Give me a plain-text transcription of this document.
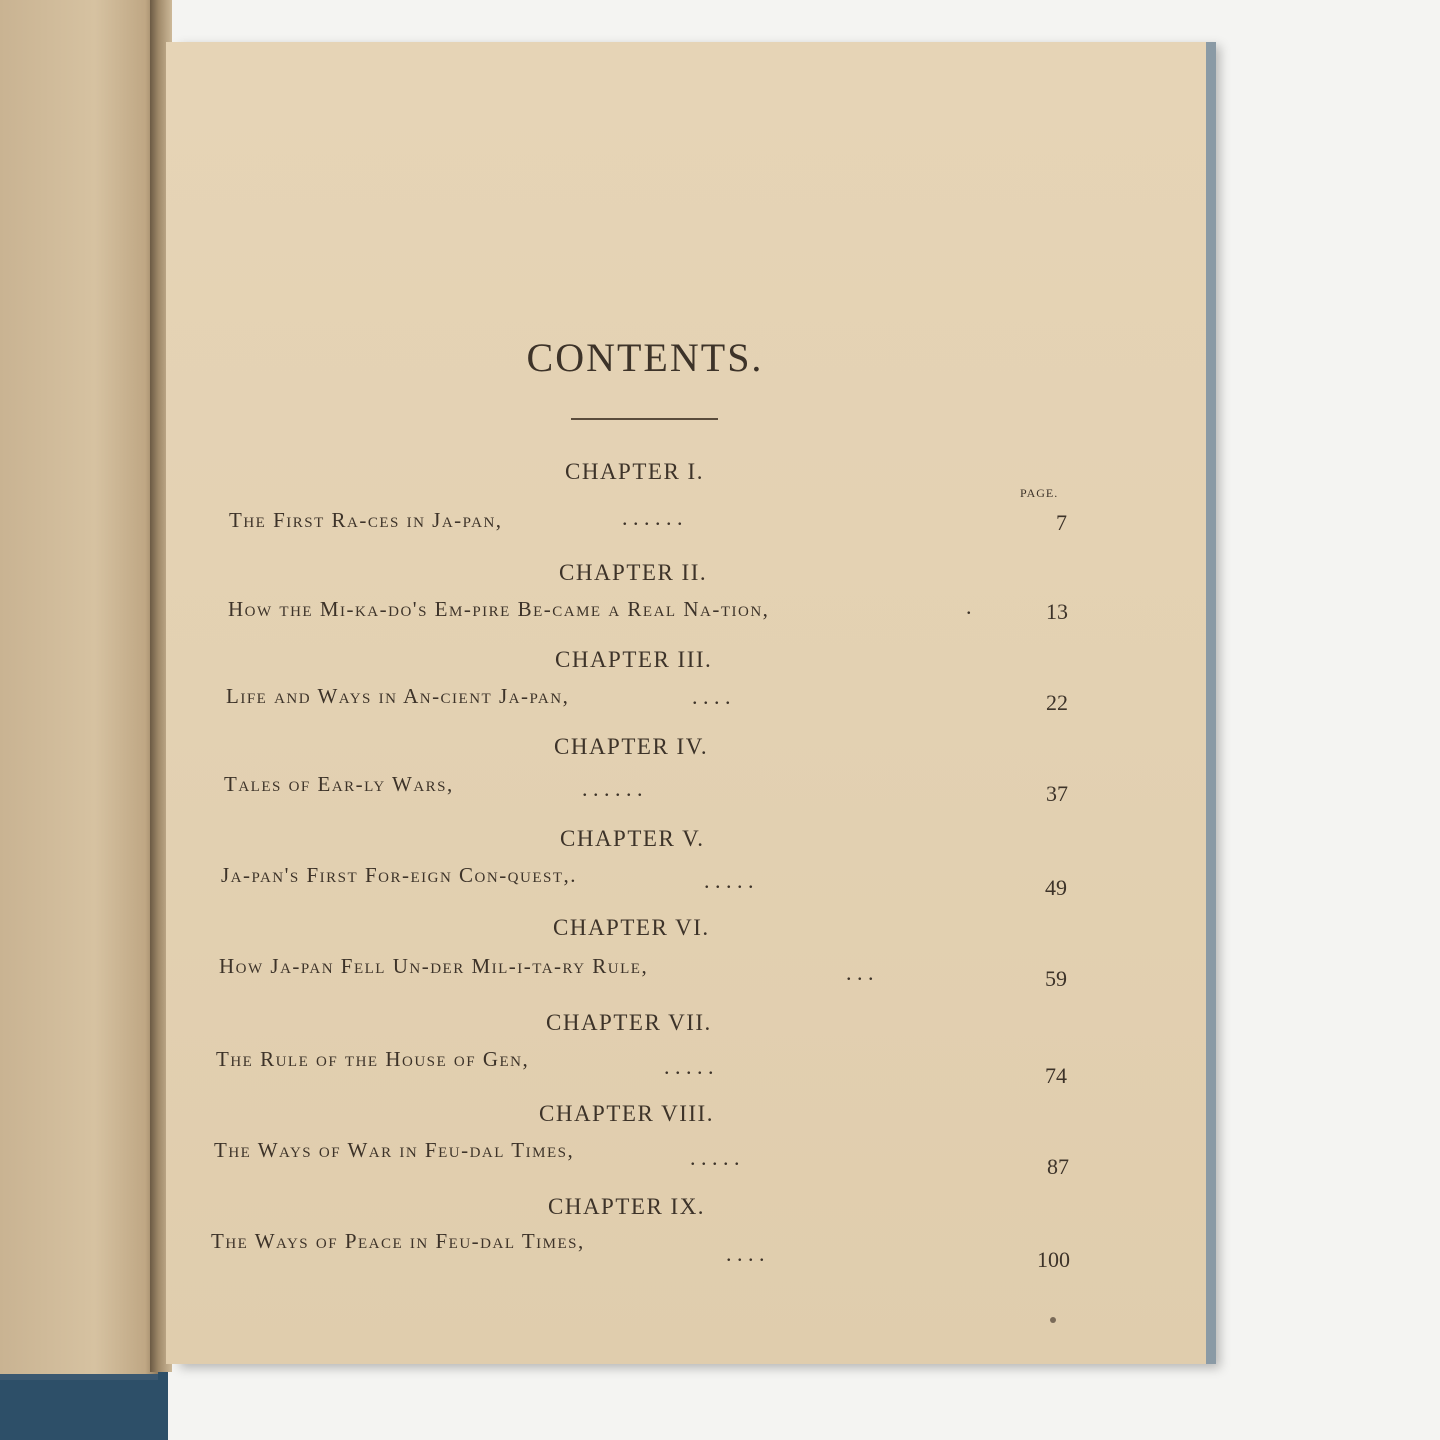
CONTENTS.
PAGE.
CHAPTER I.
The First Ra-ces in Ja-pan,	. . . . . .	7
CHAPTER II.
How the Mi-ka-do's Em-pire Be-came a Real Na-tion,	.	13
CHAPTER III.
Life and Ways in An-cient Ja-pan,	. . . .	22
CHAPTER IV.
Tales of Ear-ly Wars,	. . . . . .	37
CHAPTER V.
Ja-pan's First For-eign Con-quest,.	. . . . .	49
CHAPTER VI.
How Ja-pan Fell Un-der Mil-i-ta-ry Rule,	. . .	59
CHAPTER VII.
The Rule of the House of Gen,	. . . . .	74
CHAPTER VIII.
The Ways of War in Feu-dal Times,	. . . . .	87
CHAPTER IX.
The Ways of Peace in Feu-dal Times,	. . . .	100
